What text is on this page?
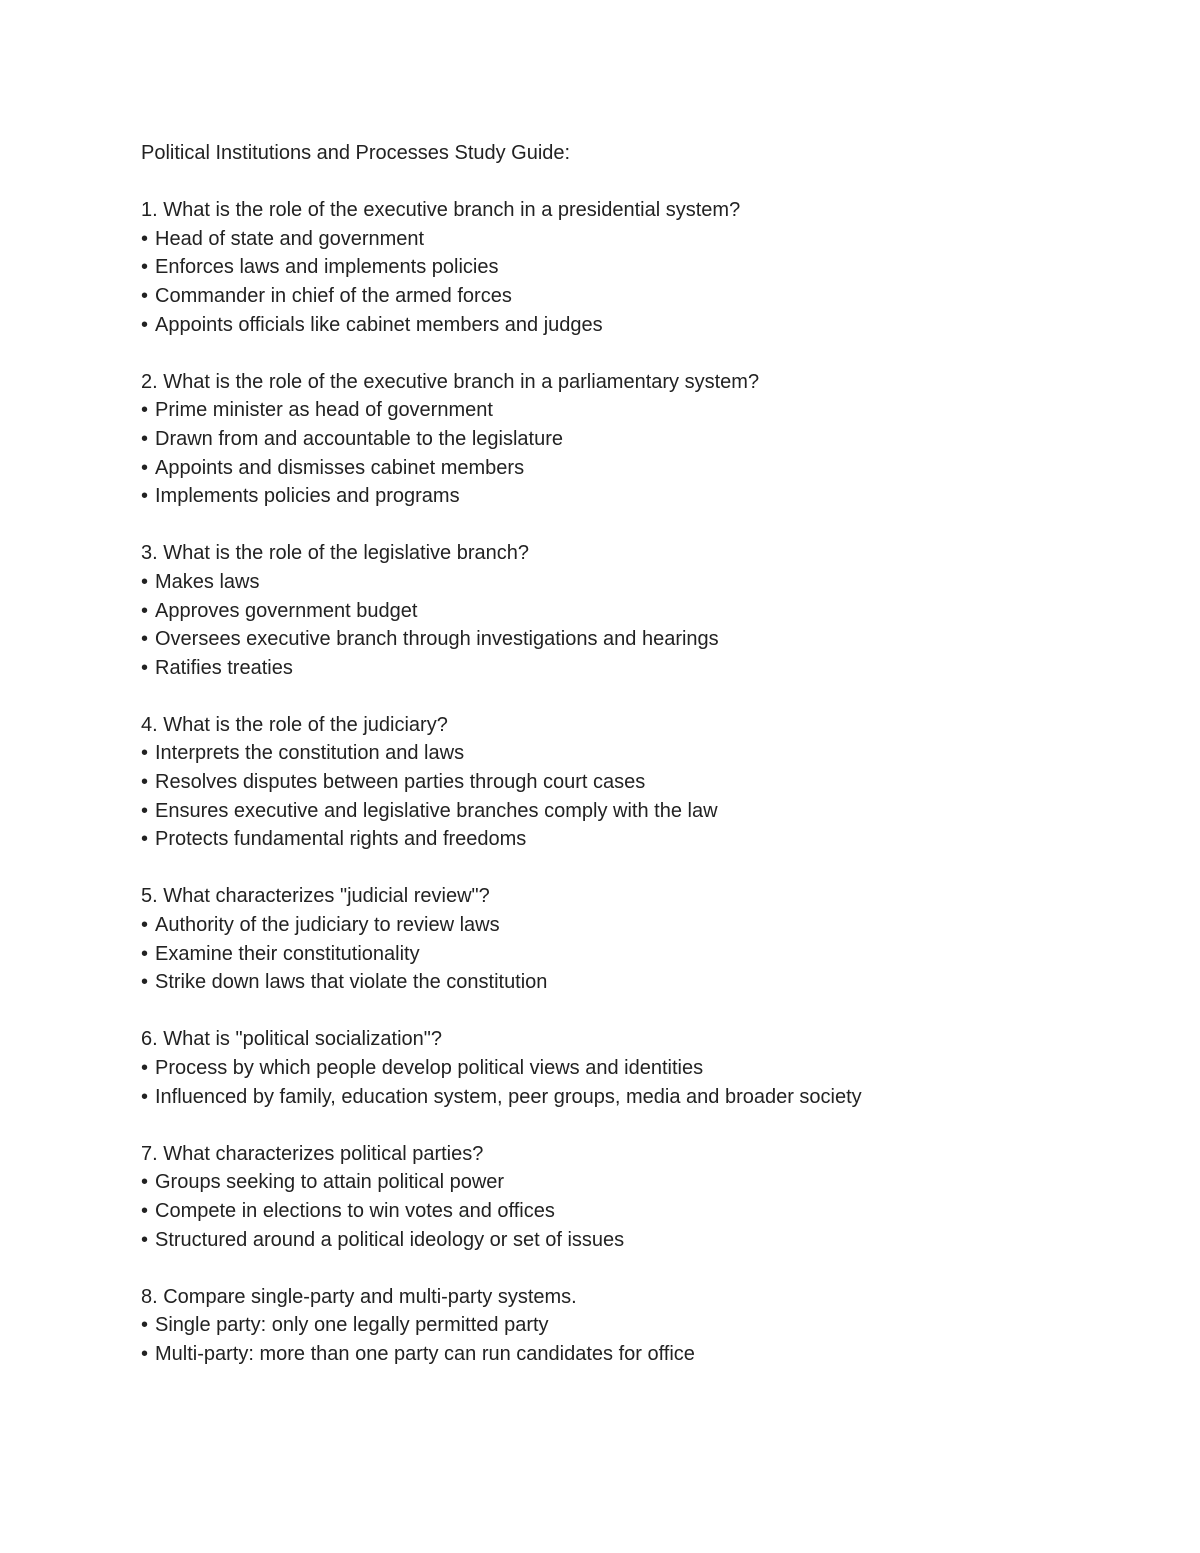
Political Institutions and Processes Study Guide:
1. What is the role of the executive branch in a presidential system?
• Head of state and government
• Enforces laws and implements policies
• Commander in chief of the armed forces
• Appoints officials like cabinet members and judges
2. What is the role of the executive branch in a parliamentary system?
• Prime minister as head of government
• Drawn from and accountable to the legislature
• Appoints and dismisses cabinet members
• Implements policies and programs
3. What is the role of the legislative branch?
• Makes laws
• Approves government budget
• Oversees executive branch through investigations and hearings
• Ratifies treaties
4. What is the role of the judiciary?
• Interprets the constitution and laws
• Resolves disputes between parties through court cases
• Ensures executive and legislative branches comply with the law
• Protects fundamental rights and freedoms
5. What characterizes "judicial review"?
• Authority of the judiciary to review laws
• Examine their constitutionality
• Strike down laws that violate the constitution
6. What is "political socialization"?
• Process by which people develop political views and identities
• Influenced by family, education system, peer groups, media and broader society
7. What characterizes political parties?
• Groups seeking to attain political power
• Compete in elections to win votes and offices
• Structured around a political ideology or set of issues
8. Compare single-party and multi-party systems.
• Single party: only one legally permitted party
• Multi-party: more than one party can run candidates for office
